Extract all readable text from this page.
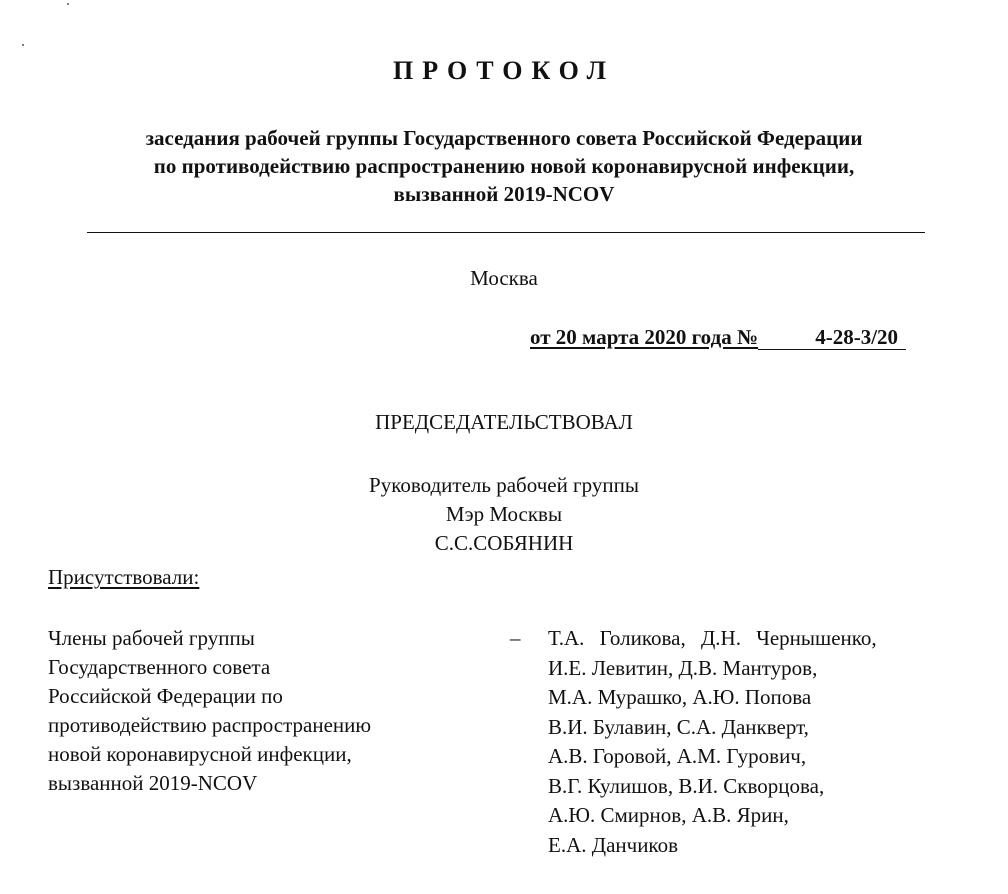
ПРОТОКОЛ
заседания рабочей группы Государственного совета Российской Федерации
по противодействию распространению новой коронавирусной инфекции,
вызванной 2019-NCOV
Москва
от 20 марта 2020 года №	4-28-3/20
ПРЕДСЕДАТЕЛЬСТВОВАЛ
Руководитель рабочей группы
Мэр Москвы
С.С.СОБЯНИН
Присутствовали:
Члены рабочей группы
Государственного совета
Российской Федерации по
противодействию распространению
новой коронавирусной инфекции,
вызванной 2019-NCOV
– Т.А. Голикова, Д.Н. Чернышенко,
И.Е. Левитин, Д.В. Мантуров,
М.А. Мурашко, А.Ю. Попова
В.И. Булавин, С.А. Данкверт,
А.В. Горовой, А.М. Гурович,
В.Г. Кулишов, В.И. Скворцова,
А.Ю. Смирнов, А.В. Ярин,
Е.А. Данчиков
